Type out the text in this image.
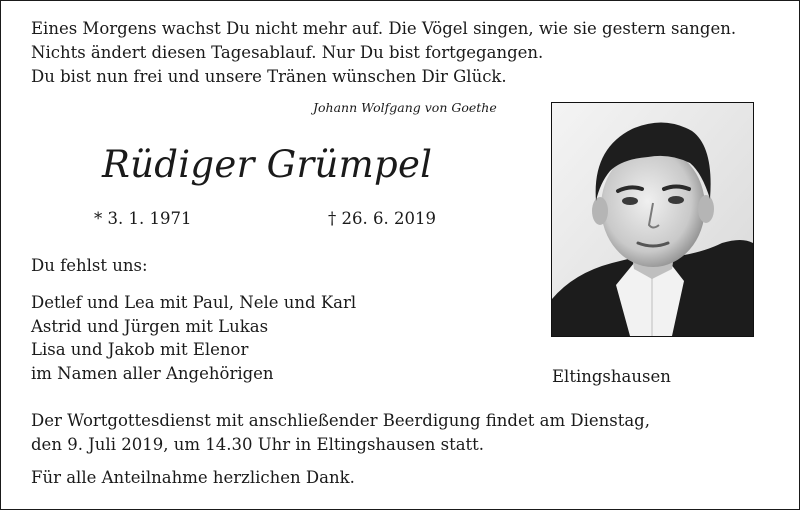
Eines Morgens wachst Du nicht mehr auf. Die Vögel singen, wie sie gestern sangen.
Nichts ändert diesen Tagesablauf. Nur Du bist fortgegangen.
Du bist nun frei und unsere Tränen wünschen Dir Glück.
Johann Wolfgang von Goethe
Rüdiger Grümpel
* 3. 1. 1971	† 26. 6. 2019
Du fehlst uns:
Detlef und Lea mit Paul, Nele und Karl
Astrid und Jürgen mit Lukas
Lisa und Jakob mit Elenor
im Namen aller Angehörigen	Eltingshausen
Der Wortgottesdienst mit anschließender Beerdigung findet am Dienstag,
den 9. Juli 2019, um 14.30 Uhr in Eltingshausen statt.
Für alle Anteilnahme herzlichen Dank.
